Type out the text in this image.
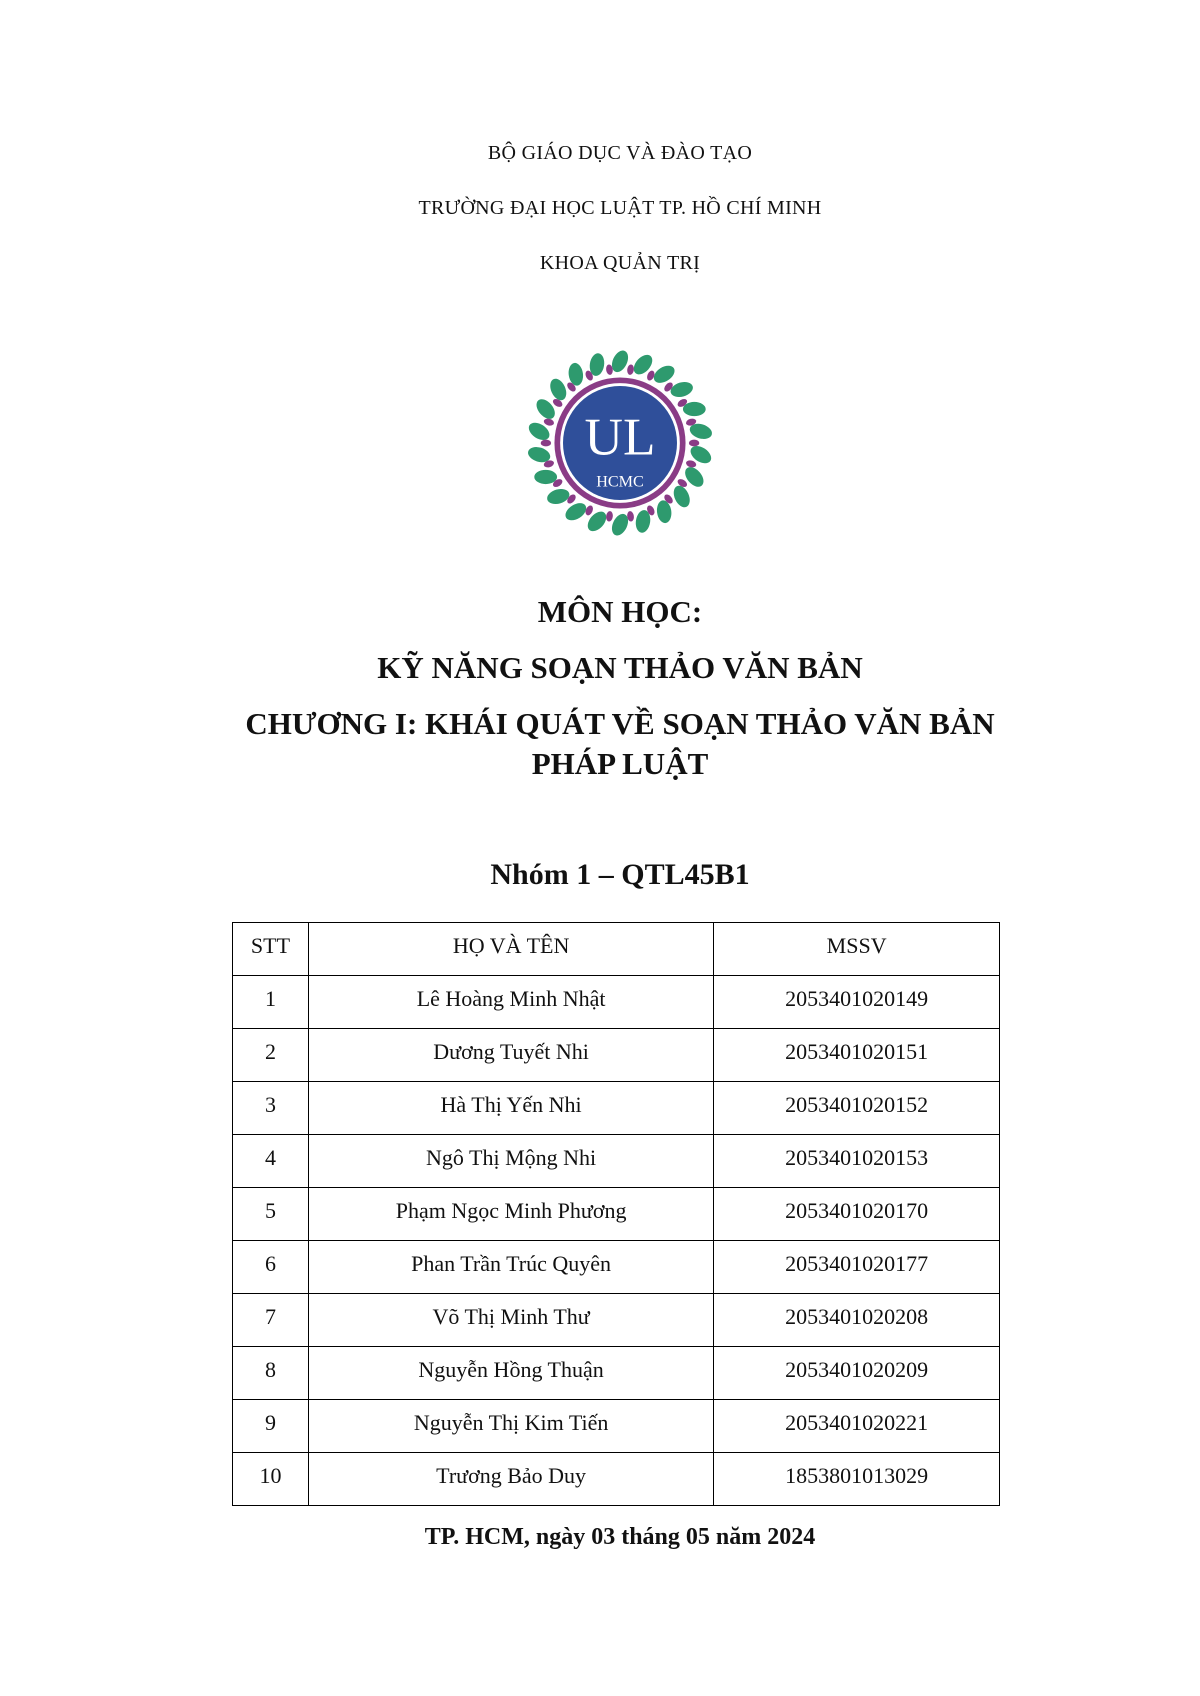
BỘ GIÁO DỤC VÀ ĐÀO TẠO
TRƯỜNG ĐẠI HỌC LUẬT TP. HỒ CHÍ MINH
KHOA QUẢN TRỊ
UL
HCMC
MÔN HỌC:
KỸ NĂNG SOẠN THẢO VĂN BẢN
CHƯƠNG I: KHÁI QUÁT VỀ SOẠN THẢO VĂN BẢN PHÁP LUẬT
Nhóm 1 – QTL45B1
STT	HỌ VÀ TÊN	MSSV
1	Lê Hoàng Minh Nhật	2053401020149
2	Dương Tuyết Nhi	2053401020151
3	Hà Thị Yến Nhi	2053401020152
4	Ngô Thị Mộng Nhi	2053401020153
5	Phạm Ngọc Minh Phương	2053401020170
6	Phan Trần Trúc Quyên	2053401020177
7	Võ Thị Minh Thư	2053401020208
8	Nguyễn Hồng Thuận	2053401020209
9	Nguyễn Thị Kim Tiến	2053401020221
10	Trương Bảo Duy	1853801013029
TP. HCM, ngày 03 tháng 05 năm 2024
